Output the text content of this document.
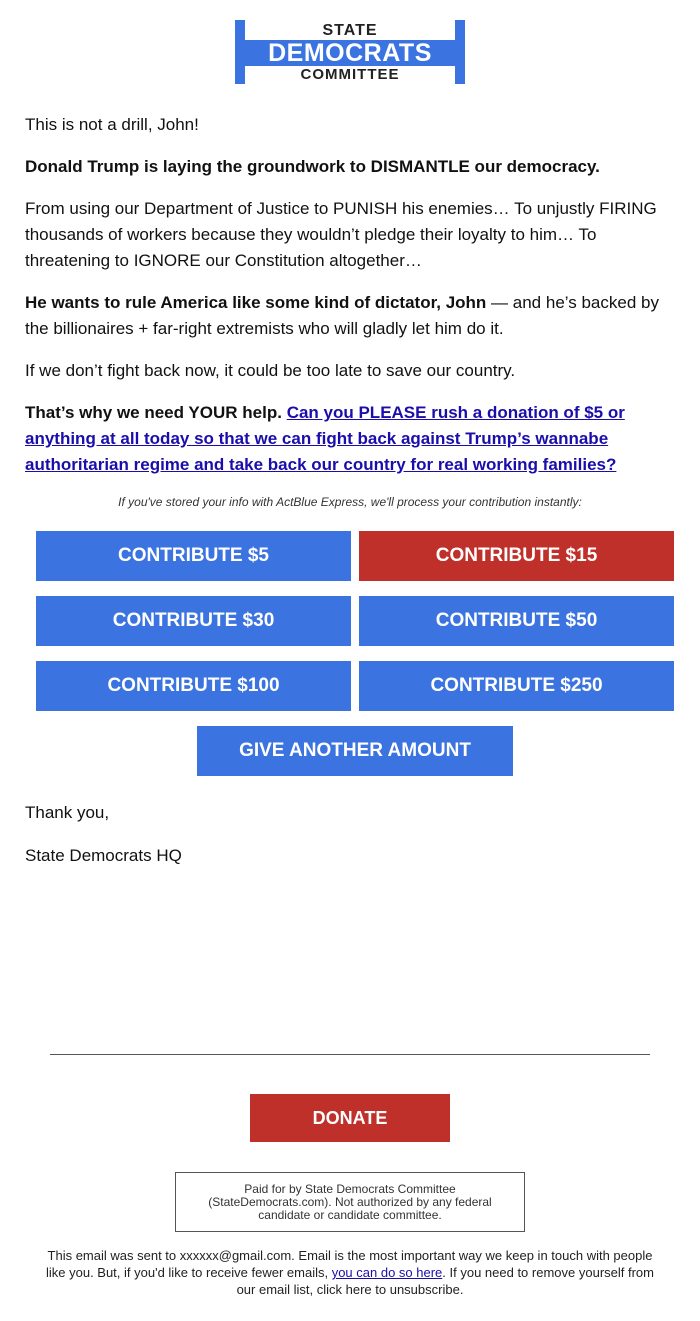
STATE
DEMOCRATS
COMMITTEE

This is not a drill, John!

Donald Trump is laying the groundwork to DISMANTLE our democracy.

From using our Department of Justice to PUNISH his enemies… To unjustly FIRING thousands of workers because they wouldn’t pledge their loyalty to him… To threatening to IGNORE our Constitution altogether…

He wants to rule America like some kind of dictator, John — and he’s backed by the billionaires + far-right extremists who will gladly let him do it.

If we don’t fight back now, it could be too late to save our country.

That’s why we need YOUR help. Can you PLEASE rush a donation of $5 or anything at all today so that we can fight back against Trump’s wannabe authoritarian regime and take back our country for real working families?

If you've stored your info with ActBlue Express, we'll process your contribution instantly:
CONTRIBUTE $5	CONTRIBUTE $15
CONTRIBUTE $30	CONTRIBUTE $50
CONTRIBUTE $100	CONTRIBUTE $250
GIVE ANOTHER AMOUNT

Thank you,

State Democrats HQ

DONATE
Paid for by State Democrats Committee (StateDemocrats.com). Not authorized by any federal candidate or candidate committee.
This email was sent to xxxxxx@gmail.com. Email is the most important way we keep in touch with people like you. But, if you'd like to receive fewer emails, you can do so here. If you need to remove yourself from our email list, click here to unsubscribe.
